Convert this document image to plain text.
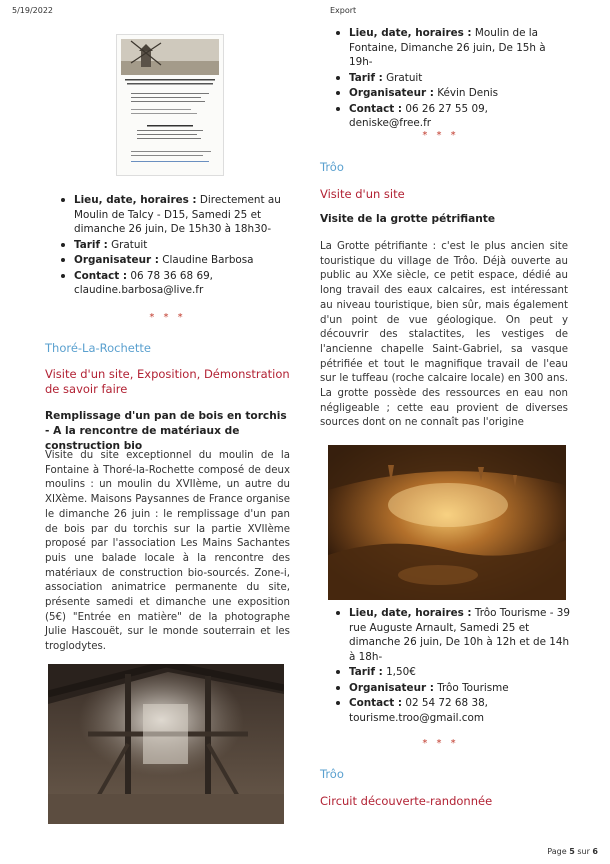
5/19/2022	Export
Lieu, date, horaires : Directement au Moulin de Talcy - D15, Samedi 25 et dimanche 26 juin, De 15h30 à 18h30-
Tarif : Gratuit
Organisateur : Claudine Barbosa
Contact : 06 78 36 68 69, claudine.barbosa@live.fr
* * *
Thoré-La-Rochette
Visite d'un site, Exposition, Démonstration de savoir faire
Remplissage d'un pan de bois en torchis - A la rencontre de matériaux de construction bio
Visite du site exceptionnel du moulin de la Fontaine à Thoré-la-Rochette composé de deux moulins : un moulin du XVIIème, un autre du XIXème. Maisons Paysannes de France organise le dimanche 26 juin : le remplissage d'un pan de bois par du torchis sur la partie XVIIème proposé par l'association Les Mains Sachantes puis une balade locale à la rencontre des matériaux de construction bio-sourcés. Zone-i, association animatrice permanente du site, présente samedi et dimanche une exposition (5€) "Entrée en matière" de la photographe Julie Hascouët, sur le monde souterrain et les troglodytes.
Lieu, date, horaires : Moulin de la Fontaine, Dimanche 26 juin, De 15h à 19h-
Tarif : Gratuit
Organisateur : Kévin Denis
Contact : 06 26 27 55 09, deniske@free.fr
* * *
Trôo
Visite d'un site
Visite de la grotte pétrifiante
La Grotte pétrifiante : c'est le plus ancien site touristique du village de Trôo. Déjà ouverte au public au XXe siècle, ce petit espace, dédié au long travail des eaux calcaires, est intéressant au niveau touristique, bien sûr, mais également d'un point de vue géologique. On peut y découvrir des stalactites, les vestiges de l'ancienne chapelle Saint-Gabriel, sa vasque pétrifiée et tout le magnifique travail de l'eau sur le tuffeau (roche calcaire locale) en 300 ans. La grotte possède des ressources en eau non négligeable ; cette eau provient de diverses sources dont on ne connaît pas l'origine
Lieu, date, horaires : Trôo Tourisme - 39 rue Auguste Arnault, Samedi 25 et dimanche 26 juin, De 10h à 12h et de 14h à 18h-
Tarif : 1,50€
Organisateur : Trôo Tourisme
Contact : 02 54 72 68 38, tourisme.troo@gmail.com
* * *
Trôo
Circuit découverte-randonnée
Page 5 sur 6
